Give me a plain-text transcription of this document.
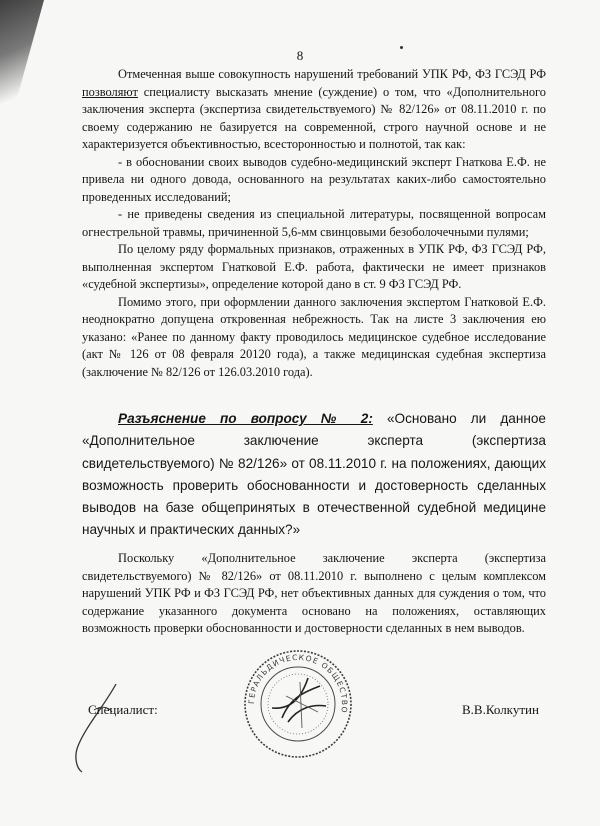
8

Отмеченная выше совокупность нарушений требований УПК РФ, ФЗ ГСЭД РФ позволяют специалисту высказать мнение (суждение) о том, что «Дополнительного заключения эксперта (экспертиза свидетельствуемого) № 82/126» от 08.11.2010 г. по своему содержанию не базируется на современной, строго научной основе и не характеризуется объективностью, всесторонностью и полнотой, так как:

- в обосновании своих выводов судебно-медицинский эксперт Гнаткова Е.Ф. не привела ни одного довода, основанного на результатах каких-либо самостоятельно проведенных исследований;

- не приведены сведения из специальной литературы, посвященной вопросам огнестрельной травмы, причиненной 5,6-мм свинцовыми безоболочечными пулями;

По целому ряду формальных признаков, отраженных в УПК РФ, ФЗ ГСЭД РФ, выполненная экспертом Гнатковой Е.Ф. работа, фактически не имеет признаков «судебной экспертизы», определение которой дано в ст. 9 ФЗ ГСЭД РФ.

Помимо этого, при оформлении данного заключения экспертом Гнатковой Е.Ф. неоднократно допущена откровенная небрежность. Так на листе 3 заключения ею указано: «Ранее по данному факту проводилось медицинское судебное исследование (акт № 126 от 08 февраля 20120 года), а также медицинская судебная экспертиза (заключение № 82/126 от 126.03.2010 года).

Разъяснение по вопросу № 2: «Основано ли данное «Дополнительное заключение эксперта (экспертиза свидетельствуемого) № 82/126» от 08.11.2010 г. на положениях, дающих возможность проверить обоснованности и достоверность сделанных выводов на базе общепринятых в отечественной судебной медицине научных и практических данных?»

Поскольку «Дополнительное заключение эксперта (экспертиза свидетельствуемого) № 82/126» от 08.11.2010 г. выполнено с целым комплексом нарушений УПК РФ и ФЗ ГСЭД РФ, нет объективных данных для суждения о том, что содержание указанного документа основано на положениях, оставляющих возможность проверки обоснованности и достоверности сделанных в нем выводов.

Специалист:
ГЕРАЛЬДИЧЕСКОЕ ОБЩЕСТВО	В.В.Колкутин
